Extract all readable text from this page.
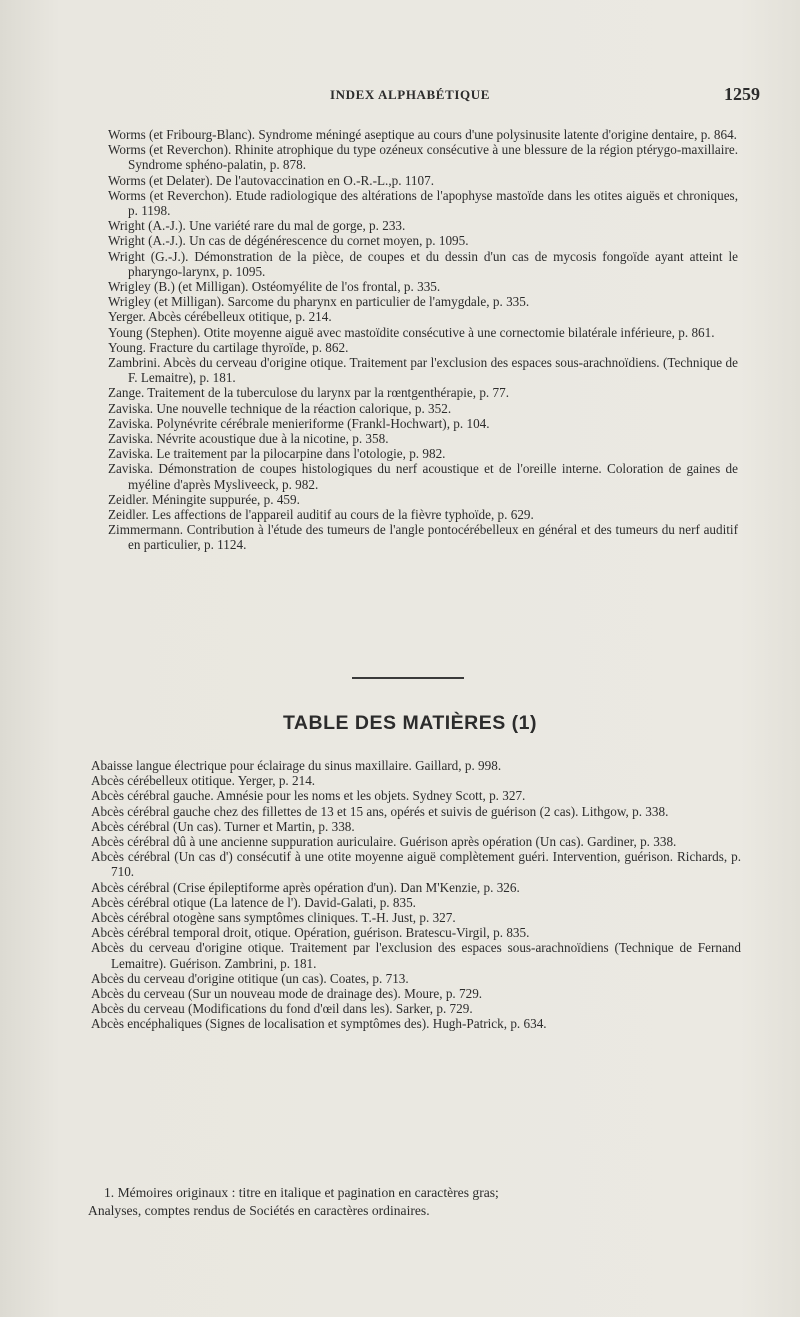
INDEX ALPHABÉTIQUE	1259

Worms (et Fribourg-Blanc). Syndrome méningé aseptique au cours d'une polysinusite latente d'origine dentaire, p. 864.

Worms (et Reverchon). Rhinite atrophique du type ozéneux consécutive à une blessure de la région ptérygo-maxillaire. Syndrome sphéno-palatin, p. 878.

Worms (et Delater). De l'autovaccination en O.-R.-L.,p. 1107.

Worms (et Reverchon). Etude radiologique des altérations de l'apophyse mastoïde dans les otites aiguës et chroniques, p. 1198.

Wright (A.-J.). Une variété rare du mal de gorge, p. 233.

Wright (A.-J.). Un cas de dégénérescence du cornet moyen, p. 1095.

Wright (G.-J.). Démonstration de la pièce, de coupes et du dessin d'un cas de mycosis fongoïde ayant atteint le pharyngo-larynx, p. 1095.

Wrigley (B.) (et Milligan). Ostéomyélite de l'os frontal, p. 335.

Wrigley (et Milligan). Sarcome du pharynx en particulier de l'amygdale, p. 335.

Yerger. Abcès cérébelleux otitique, p. 214.

Young (Stephen). Otite moyenne aiguë avec mastoïdite consécutive à une cornectomie bilatérale inférieure, p. 861.

Young. Fracture du cartilage thyroïde, p. 862.

Zambrini. Abcès du cerveau d'origine otique. Traitement par l'exclusion des espaces sous-arachnoïdiens. (Technique de F. Lemaitre), p. 181.

Zange. Traitement de la tuberculose du larynx par la rœntgenthérapie, p. 77.

Zaviska. Une nouvelle technique de la réaction calorique, p. 352.

Zaviska. Polynévrite cérébrale menieriforme (Frankl-Hochwart), p. 104.

Zaviska. Névrite acoustique due à la nicotine, p. 358.

Zaviska. Le traitement par la pilocarpine dans l'otologie, p. 982.

Zaviska. Démonstration de coupes histologiques du nerf acoustique et de l'oreille interne. Coloration de gaines de myéline d'après Mysliveeck, p. 982.

Zeidler. Méningite suppurée, p. 459.

Zeidler. Les affections de l'appareil auditif au cours de la fièvre typhoïde, p. 629.

Zimmermann. Contribution à l'étude des tumeurs de l'angle pontocérébelleux en général et des tumeurs du nerf auditif en particulier, p. 1124.

TABLE DES MATIÈRES (1)

Abaisse langue électrique pour éclairage du sinus maxillaire. Gaillard, p. 998.

Abcès cérébelleux otitique. Yerger, p. 214.

Abcès cérébral gauche. Amnésie pour les noms et les objets. Sydney Scott, p. 327.

Abcès cérébral gauche chez des fillettes de 13 et 15 ans, opérés et suivis de guérison (2 cas). Lithgow, p. 338.

Abcès cérébral (Un cas). Turner et Martin, p. 338.

Abcès cérébral dû à une ancienne suppuration auriculaire. Guérison après opération (Un cas). Gardiner, p. 338.

Abcès cérébral (Un cas d') consécutif à une otite moyenne aiguë complètement guéri. Intervention, guérison. Richards, p. 710.

Abcès cérébral (Crise épileptiforme après opération d'un). Dan M'Kenzie, p. 326.

Abcès cérébral otique (La latence de l'). David-Galati, p. 835.

Abcès cérébral otogène sans symptômes cliniques. T.-H. Just, p. 327.

Abcès cérébral temporal droit, otique. Opération, guérison. Bratescu-Virgil, p. 835.

Abcès du cerveau d'origine otique. Traitement par l'exclusion des espaces sous-arachnoïdiens (Technique de Fernand Lemaitre). Guérison. Zambrini, p. 181.

Abcès du cerveau d'origine otitique (un cas). Coates, p. 713.

Abcès du cerveau (Sur un nouveau mode de drainage des). Moure, p. 729.

Abcès du cerveau (Modifications du fond d'œil dans les). Sarker, p. 729.

Abcès encéphaliques (Signes de localisation et symptômes des). Hugh-Patrick, p. 634.

1. Mémoires originaux : titre en italique et pagination en caractères gras;

Analyses, comptes rendus de Sociétés en caractères ordinaires.
